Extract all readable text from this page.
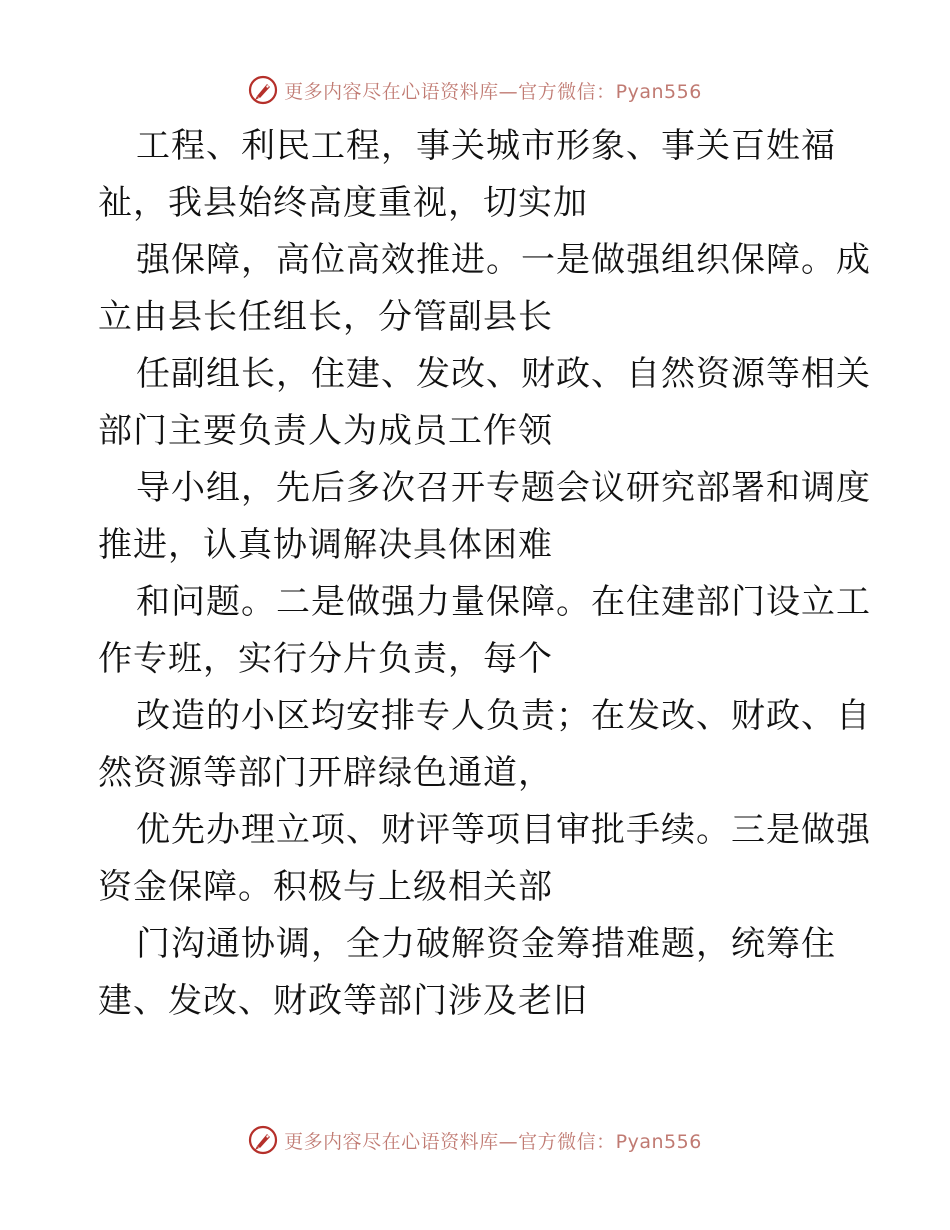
更多内容尽在心语资料库—官方微信：Pyan556
工程、利民工程，事关城市形象、事关百姓福
祉，我县始终高度重视，切实加
强保障，高位高效推进。一是做强组织保障。成
立由县长任组长，分管副县长
任副组长，住建、发改、财政、自然资源等相关
部门主要负责人为成员工作领
导小组，先后多次召开专题会议研究部署和调度
推进，认真协调解决具体困难
和问题。二是做强力量保障。在住建部门设立工
作专班，实行分片负责，每个
改造的小区均安排专人负责；在发改、财政、自
然资源等部门开辟绿色通道，
优先办理立项、财评等项目审批手续。三是做强
资金保障。积极与上级相关部
门沟通协调，全力破解资金筹措难题，统筹住
建、发改、财政等部门涉及老旧
更多内容尽在心语资料库—官方微信：Pyan556
